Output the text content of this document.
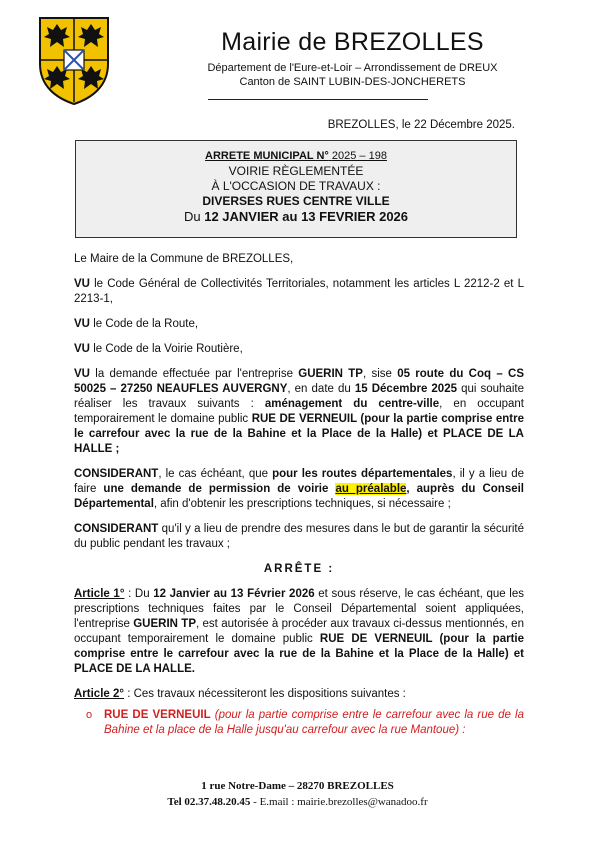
Mairie de BREZOLLES
Département de l'Eure-et-Loir – Arrondissement de DREUX
Canton de SAINT LUBIN-DES-JONCHERETS
BREZOLLES, le 22 Décembre 2025.
ARRETE MUNICIPAL N° 2025 – 198
VOIRIE RÈGLEMENTÉE
À L'OCCASION DE TRAVAUX :
DIVERSES RUES CENTRE VILLE
Du 12 JANVIER au 13 FEVRIER 2026

Le Maire de la Commune de BREZOLLES,

VU le Code Général de Collectivités Territoriales, notamment les articles L 2212-2 et L 2213-1,

VU le Code de la Route,

VU le Code de la Voirie Routière,

VU la demande effectuée par l'entreprise GUERIN TP, sise 05 route du Coq – CS 50025 – 27250 NEAUFLES AUVERGNY, en date du 15 Décembre 2025 qui souhaite réaliser les travaux suivants : aménagement du centre-ville, en occupant temporairement le domaine public RUE DE VERNEUIL (pour la partie comprise entre le carrefour avec la rue de la Bahine et la Place de la Halle) et PLACE DE LA HALLE ;

CONSIDERANT, le cas échéant, que pour les routes départementales, il y a lieu de faire une demande de permission de voirie au préalable, auprès du Conseil Départemental, afin d'obtenir les prescriptions techniques, si nécessaire ;

CONSIDERANT qu'il y a lieu de prendre des mesures dans le but de garantir la sécurité du public pendant les travaux ;

ARRÊTE :

Article 1° : Du 12 Janvier au 13 Février 2026 et sous réserve, le cas échéant, que les prescriptions techniques faites par le Conseil Départemental soient appliquées, l'entreprise GUERIN TP, est autorisée à procéder aux travaux ci-dessus mentionnés, en occupant temporairement le domaine public RUE DE VERNEUIL (pour la partie comprise entre le carrefour avec la rue de la Bahine et la Place de la Halle) et PLACE DE LA HALLE.

Article 2° : Ces travaux nécessiteront les dispositions suivantes :

o RUE DE VERNEUIL (pour la partie comprise entre le carrefour avec la rue de la Bahine et la place de la Halle jusqu'au carrefour avec la rue Mantoue) :
1 rue Notre-Dame – 28270 BREZOLLES
Tel 02.37.48.20.45 - E.mail : mairie.brezolles@wanadoo.fr
